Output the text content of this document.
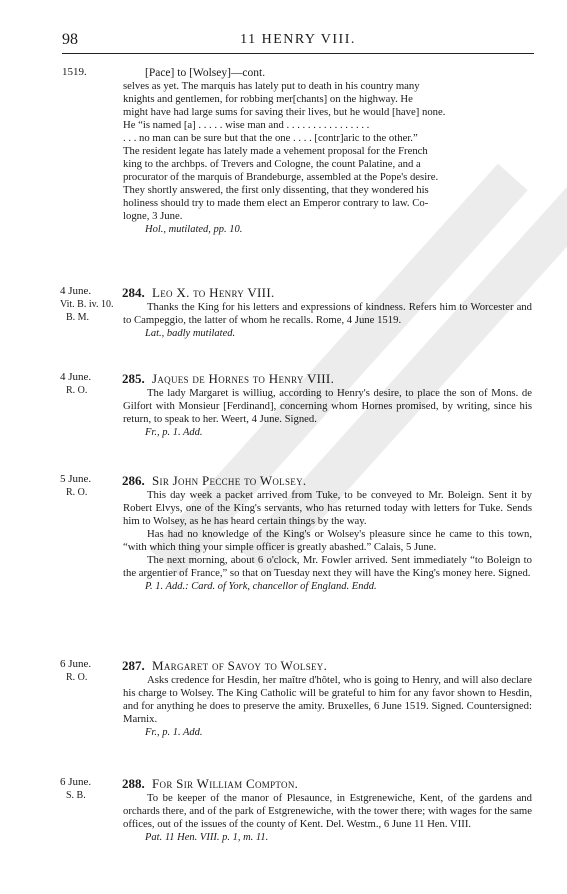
98	11 HENRY VIII.
1519.	[Pace] to [Wolsey]—cont.
selves as yet. The marquis has lately put to death in his country many
knights and gentlemen, for robbing mer[chants] on the highway. He
might have had large sums for saving their lives, but he would [have] none.
He “is named [a] . . . . . wise man and . . . . . . . . . . . . . . . .
. . . no man can be sure but that the one . . . . [contr]aric to the other.”
The resident legate has lately made a vehement proposal for the French
king to the archbps. of Trevers and Cologne, the count Palatine, and a
procurator of the marquis of Brandeburge, assembled at the Pope's desire.
They shortly answered, the first only dissenting, that they wondered his
holiness should try to made them elect an Emperor contrary to law. Co-
logne, 3 June.
Hol., mutilated, pp. 10.
4 June.
Vit. B. iv. 10.
B. M.
284. Leo X. to Henry VIII.

Thanks the King for his letters and expressions of kindness. Refers him to Worcester and to Campeggio, the latter of whom he recalls. Rome, 4 June 1519.

Lat., badly mutilated.
4 June.
R. O.
285. Jaques de Hornes to Henry VIII.

The lady Margaret is williug, according to Henry's desire, to place the son of Mons. de Gilfort with Monsieur [Ferdinand], concerning whom Hornes promised, by writing, since his return, to speak to her. Weert, 4 June. Signed.

Fr., p. 1. Add.
5 June.
R. O.
286. Sir John Pecche to Wolsey.

This day week a packet arrived from Tuke, to be conveyed to Mr. Boleign. Sent it by Robert Elvys, one of the King's servants, who has returned today with letters for Tuke. Sends him to Wolsey, as he has heard certain things by the way.

Has had no knowledge of the King's or Wolsey's pleasure since he came to this town, “with which thing your simple officer is greatly abashed.” Calais, 5 June.

The next morning, about 6 o'clock, Mr. Fowler arrived. Sent immediately “to Boleign to the argentier of France,” so that on Tuesday next they will have the King's money here. Signed.

P. 1. Add.: Card. of York, chancellor of England. Endd.
6 June.
R. O.
287. Margaret of Savoy to Wolsey.

Asks credence for Hesdin, her maître d'hôtel, who is going to Henry, and will also declare his charge to Wolsey. The King Catholic will be grateful to him for any favor shown to Hesdin, and for anything he does to preserve the amity. Bruxelles, 6 June 1519. Signed. Countersigned: Marnix.

Fr., p. 1. Add.
6 June.
S. B.
288. For Sir William Compton.

To be keeper of the manor of Plesaunce, in Estgrenewiche, Kent, of the gardens and orchards there, and of the park of Estgrenewiche, with the tower there; with wages for the same offices, out of the issues of the county of Kent. Del. Westm., 6 June 11 Hen. VIII.

Pat. 11 Hen. VIII. p. 1, m. 11.
